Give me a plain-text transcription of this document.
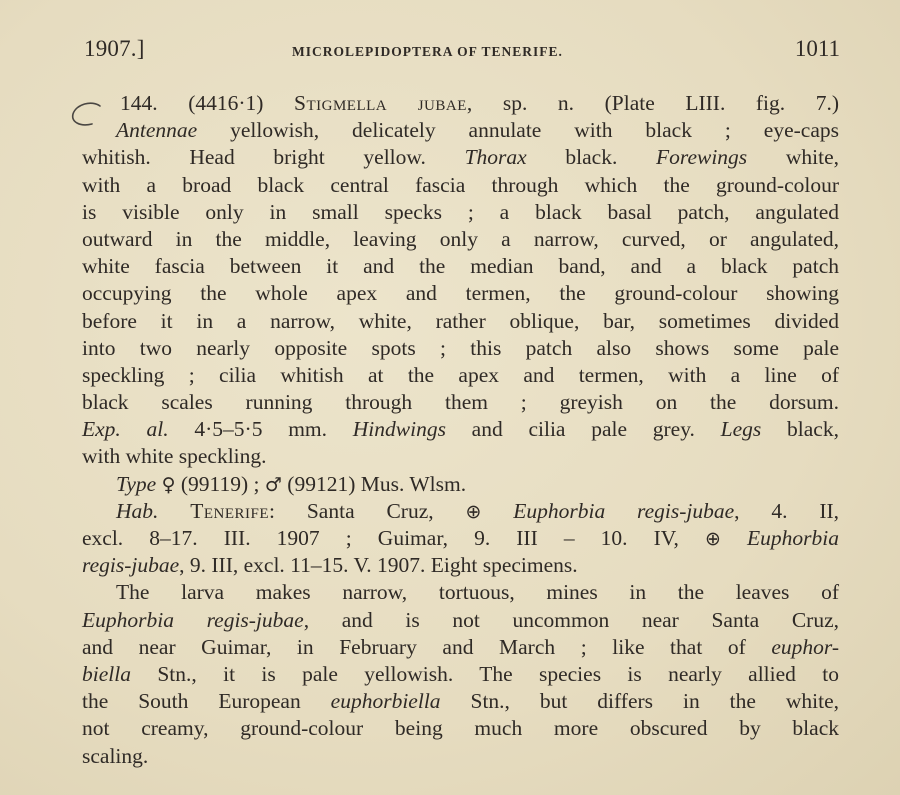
1907.]	MICROLEPIDOPTERA OF TENERIFE.	1011
144. (4416·1) Stigmella jubae, sp. n. (Plate LIII. fig. 7.)
Antennae yellowish, delicately annulate with black ; eye-caps
whitish. Head bright yellow. Thorax black. Forewings white,
with a broad black central fascia through which the ground-colour
is visible only in small specks ; a black basal patch, angulated
outward in the middle, leaving only a narrow, curved, or angulated,
white fascia between it and the median band, and a black patch
occupying the whole apex and termen, the ground-colour showing
before it in a narrow, white, rather oblique, bar, sometimes divided
into two nearly opposite spots ; this patch also shows some pale
speckling ; cilia whitish at the apex and termen, with a line of
black scales running through them ; greyish on the dorsum.
Exp. al. 4·5–5·5 mm. Hindwings and cilia pale grey. Legs black,
with white speckling.
Type ♀ (99119) ; ♂ (99121) Mus. Wlsm.
Hab. Tenerife: Santa Cruz, ⊕ Euphorbia regis-jubae, 4. II,
excl. 8–17. III. 1907 ; Guimar, 9. III – 10. IV, ⊕ Euphorbia
regis-jubae, 9. III, excl. 11–15. V. 1907. Eight specimens.
The larva makes narrow, tortuous, mines in the leaves of
Euphorbia regis-jubae, and is not uncommon near Santa Cruz,
and near Guimar, in February and March ; like that of euphor-
biella Stn., it is pale yellowish. The species is nearly allied to
the South European euphorbiella Stn., but differs in the white,
not creamy, ground-colour being much more obscured by black
scaling.
